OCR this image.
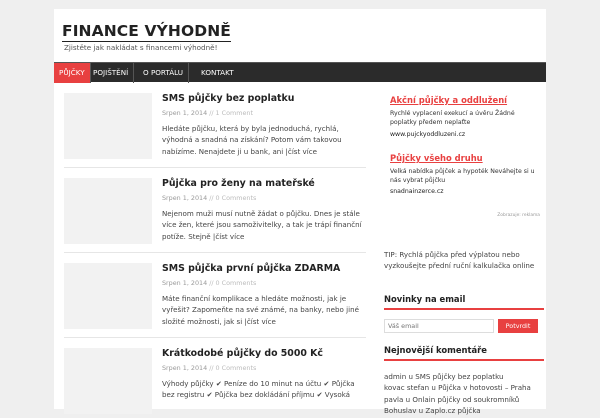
FINANCE VÝHODNĚ
Zjistěte jak nakládat s financemi výhodně!
PŮJČKY	POJIŠTĚNÍ	O PORTÁLU	KONTAKT
SMS půjčky bez poplatku
Srpen 1, 2014 // 1 Comment
Hledáte půjčku, která by byla jednoduchá, rychlá, výhodná a snadná na získání? Potom vám takovou nabízíme. Nenajdete ji u bank, ani |číst více
Půjčka pro ženy na mateřské
Srpen 1, 2014 // 0 Comments
Nejenom muži musí nutně žádat o půjčku. Dnes je stále více žen, které jsou samoživitelky, a tak je trápí finanční potíže. Stejně |číst více
SMS půjčka první půjčka ZDARMA
Srpen 1, 2014 // 0 Comments
Máte finanční komplikace a hledáte možnosti, jak je vyřešit? Zapomeňte na své známé, na banky, nebo jiné složité možnosti, jak si |číst více
Krátkodobé půjčky do 5000 Kč
Srpen 1, 2014 // 0 Comments
Výhody půjčky ✔ Peníze do 10 minut na účtu ✔ Půjčka bez registru ✔ Půjčka bez dokládání příjmu ✔ Vysoká
Akční půjčky a oddlužení
Rychlé vyplacení exekucí a úvěru Žádné poplatky předem neplaťte
www.pujckyoddluzeni.cz
Půjčky všeho druhu
Velká nabídka půjček a hypoték Neváhejte si u nás vybrat půjčku
snadnainzerce.cz
Zobrazuje: reklama
TIP: Rychlá půjčka před výplatou nebo vyzkoušejte přední ruční kalkulačka online
Novinky na email
Váš email
Potvrdit
Nejnovější komentáře
admin u SMS půjčky bez poplatku
kovac stefan u Půjčka v hotovosti – Praha
pavla u Onlain půjčky od soukromníků
Bohuslav u Zaplo.cz půjčka
